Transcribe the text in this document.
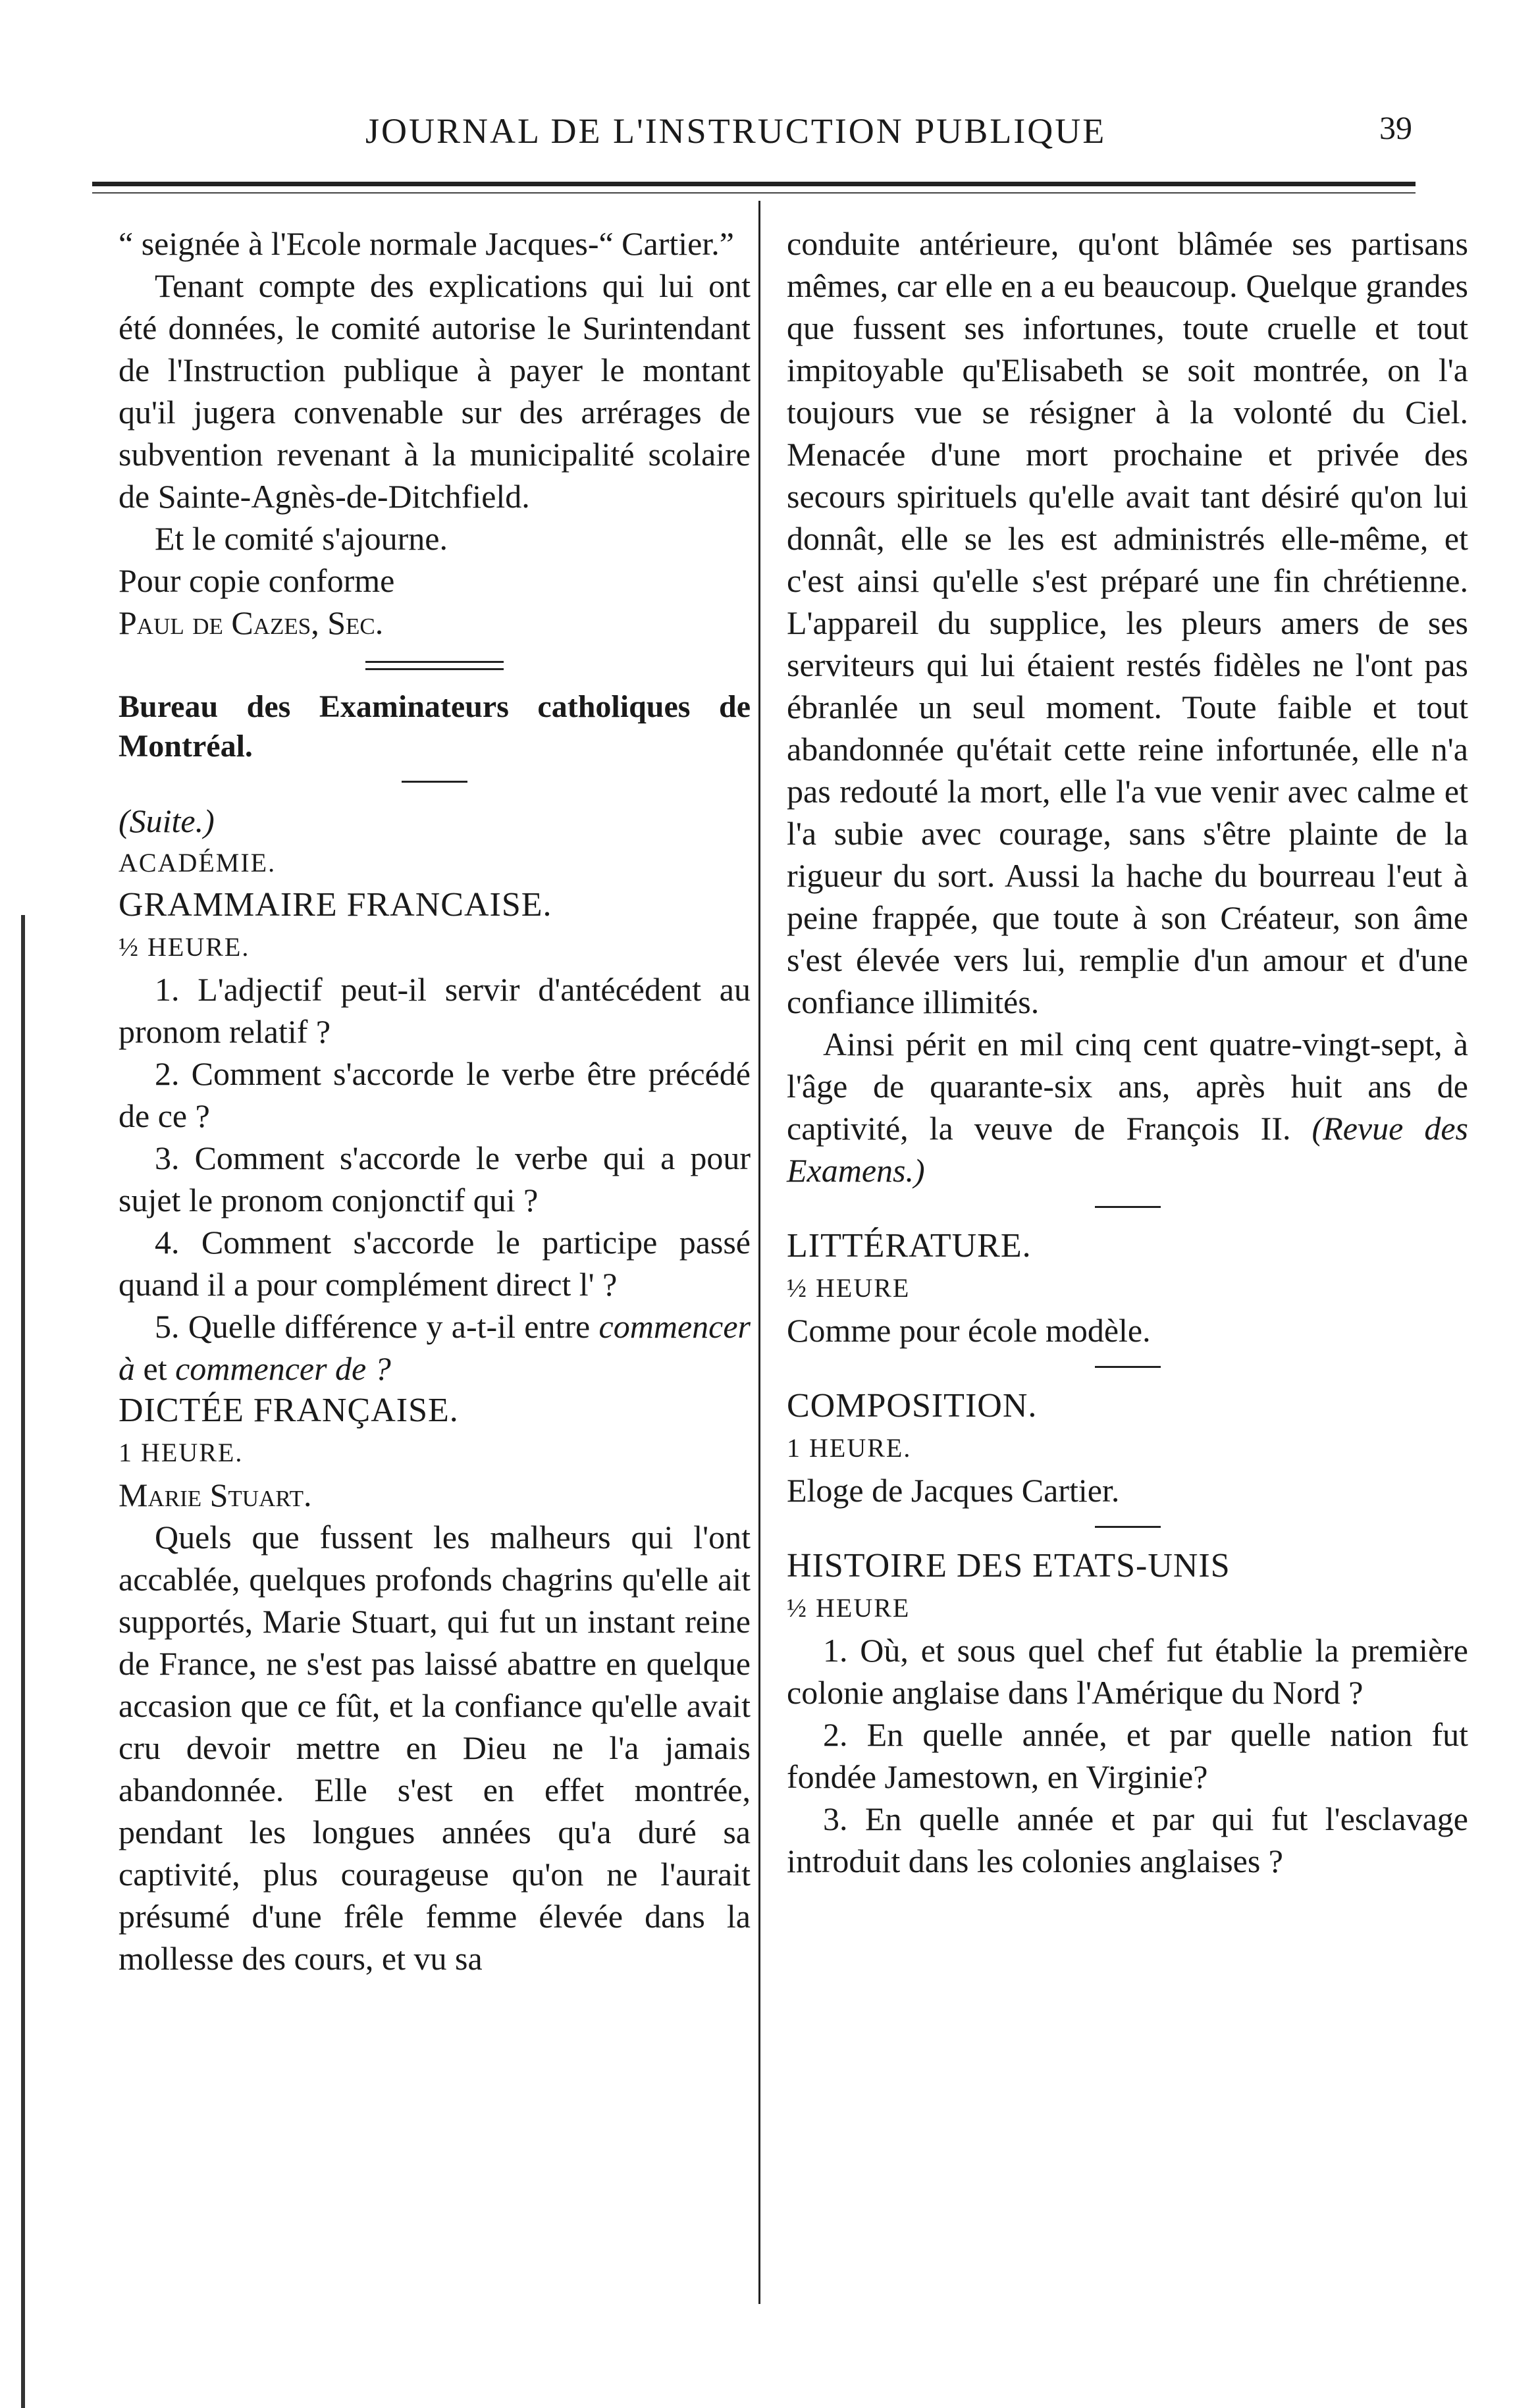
JOURNAL DE L'INSTRUCTION PUBLIQUE	39

“ seignée à l'Ecole normale Jacques-“ Cartier.”

Tenant compte des explications qui lui ont été données, le comité autorise le Surintendant de l'Instruction publique à payer le montant qu'il jugera convenable sur des arrérages de subvention revenant à la municipalité scolaire de Sainte-Agnès-de-Ditchfield.

Et le comité s'ajourne.

Pour copie conforme

Paul de Cazes, Sec.

Bureau des Examinateurs catholiques de Montréal.

(Suite.)

ACADÉMIE.

GRAMMAIRE FRANCAISE.

½ HEURE.

1. L'adjectif peut-il servir d'antécédent au pronom relatif ?

2. Comment s'accorde le verbe être précédé de ce ?

3. Comment s'accorde le verbe qui a pour sujet le pronom conjonctif qui ?

4. Comment s'accorde le participe passé quand il a pour complément direct l' ?

5. Quelle différence y a-t-il entre commencer à et commencer de ?

DICTÉE FRANÇAISE.

1 HEURE.

Marie Stuart.

Quels que fussent les malheurs qui l'ont accablée, quelques profonds chagrins qu'elle ait supportés, Marie Stuart, qui fut un instant reine de France, ne s'est pas laissé abattre en quelque accasion que ce fût, et la confiance qu'elle avait cru devoir mettre en Dieu ne l'a jamais abandonnée. Elle s'est en effet montrée, pendant les longues années qu'a duré sa captivité, plus courageuse qu'on ne l'aurait présumé d'une frêle femme élevée dans la mollesse des cours, et vu sa

conduite antérieure, qu'ont blâmée ses partisans mêmes, car elle en a eu beaucoup. Quelque grandes que fussent ses infortunes, toute cruelle et tout impitoyable qu'Elisabeth se soit montrée, on l'a toujours vue se résigner à la volonté du Ciel. Menacée d'une mort prochaine et privée des secours spirituels qu'elle avait tant désiré qu'on lui donnât, elle se les est administrés elle-même, et c'est ainsi qu'elle s'est préparé une fin chrétienne. L'appareil du supplice, les pleurs amers de ses serviteurs qui lui étaient restés fidèles ne l'ont pas ébranlée un seul moment. Toute faible et tout abandonnée qu'était cette reine infortunée, elle n'a pas redouté la mort, elle l'a vue venir avec calme et l'a subie avec courage, sans s'être plainte de la rigueur du sort. Aussi la hache du bourreau l'eut à peine frappée, que toute à son Créateur, son âme s'est élevée vers lui, remplie d'un amour et d'une confiance illimités.

Ainsi périt en mil cinq cent quatre-vingt-sept, à l'âge de quarante-six ans, après huit ans de captivité, la veuve de François II. (Revue des Examens.)

LITTÉRATURE.

½ HEURE

Comme pour école modèle.

COMPOSITION.

1 HEURE.

Eloge de Jacques Cartier.

HISTOIRE DES ETATS-UNIS

½ HEURE

1. Où, et sous quel chef fut établie la première colonie anglaise dans l'Amérique du Nord ?

2. En quelle année, et par quelle nation fut fondée Jamestown, en Virginie?

3. En quelle année et par qui fut l'esclavage introduit dans les colonies anglaises ?
